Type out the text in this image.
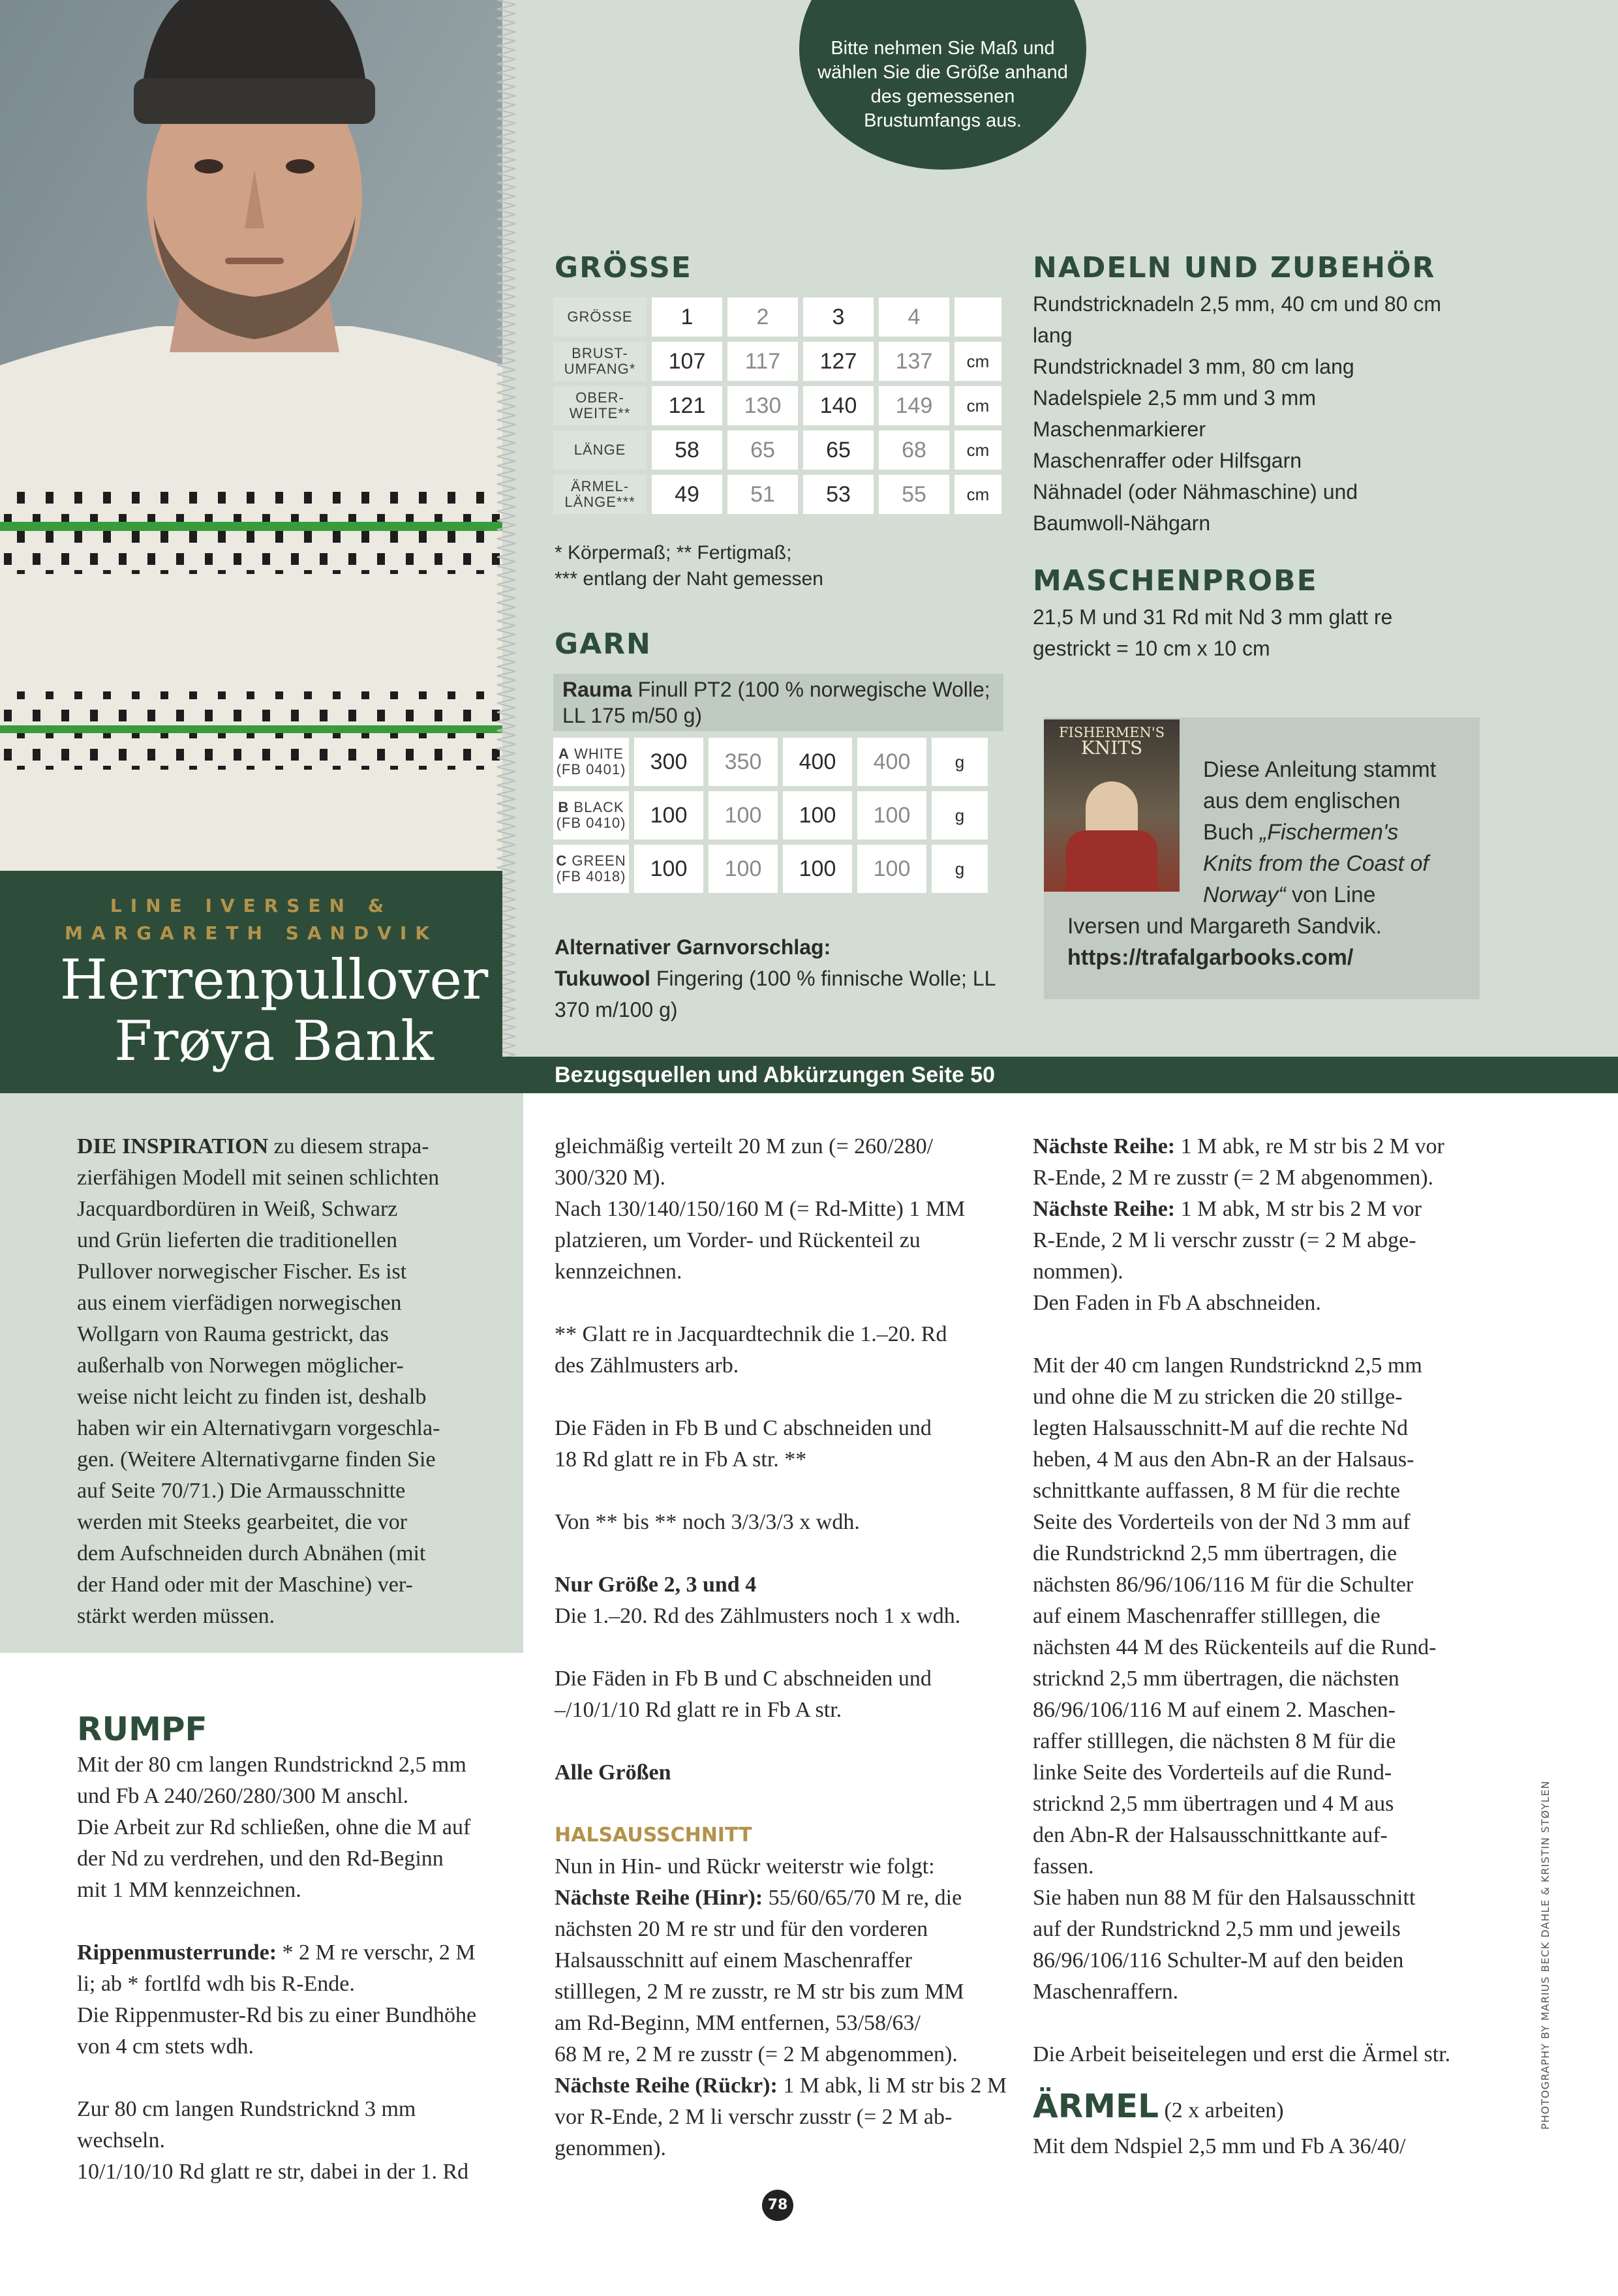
LINE IVERSEN &
MARGARETH SANDVIK
Herrenpullover
Frøya Bank
Bitte nehmen Sie Maß und wählen Sie die Größe anhand des gemessenen Brustumfangs aus.
GRÖSSE
GRÖSSE	1	2	3	4	
BRUST-
UMFANG*	107	117	127	137	cm
OBER-
WEITE**	121	130	140	149	cm
LÄNGE	58	65	65	68	cm
ÄRMEL-
LÄNGE***	49	51	53	55	cm
* Körpermaß; ** Fertigmaß;
*** entlang der Naht gemessen
GARN
Rauma Finull PT2 (100 % norwegische Wolle; LL 175 m/50 g)
A WHITE
(FB 0401)	300	350	400	400	g
B BLACK
(FB 0410)	100	100	100	100	g
C GREEN
(FB 4018)	100	100	100	100	g
Alternativer Garnvorschlag:
Tukuwool Fingering (100 % finnische Wolle; LL 370 m/100 g)
NADELN UND ZUBEHÖR
Rundstricknadeln 2,5 mm, 40 cm und 80 cm
lang
Rundstricknadel 3 mm, 80 cm lang
Nadelspiele 2,5 mm und 3 mm
Maschenmarkierer
Maschenraffer oder Hilfsgarn
Nähnadel (oder Nähmaschine) und
Baumwoll-Nähgarn
MASCHENPROBE
21,5 M und 31 Rd mit Nd 3 mm glatt re
gestrickt = 10 cm x 10 cm
FISHERMEN'S
KNITS
Diese Anleitung stammt
aus dem englischen
Buch „Fischermen's
Knits from the Coast of
Norway“ von Line
Iversen und Margareth Sandvik.
https://trafalgarbooks.com/
Bezugsquellen und Abkürzungen Seite 50

DIE INSPIRATION zu diesem strapa-

zierfähigen Modell mit seinen schlichten

Jacquardbordüren in Weiß, Schwarz

und Grün lieferten die traditionellen

Pullover norwegischer Fischer. Es ist

aus einem vierfädigen norwegischen

Wollgarn von Rauma gestrickt, das

außerhalb von Norwegen möglicher-

weise nicht leicht zu finden ist, deshalb

haben wir ein Alternativgarn vorgeschla-

gen. (Weitere Alternativgarne finden Sie

auf Seite 70/71.) Die Armausschnitte

werden mit Steeks gearbeitet, die vor

dem Aufschneiden durch Abnähen (mit

der Hand oder mit der Maschine) ver-

stärkt werden müssen.

RUMPF

Mit der 80 cm langen Rundstricknd 2,5 mm

und Fb A 240/260/280/300 M anschl.

Die Arbeit zur Rd schließen, ohne die M auf

der Nd zu verdrehen, und den Rd-Beginn

mit 1 MM kennzeichnen.

Rippenmusterrunde: * 2 M re verschr, 2 M

li; ab * fortlfd wdh bis R-Ende.

Die Rippenmuster-Rd bis zu einer Bundhöhe

von 4 cm stets wdh.

Zur 80 cm langen Rundstricknd 3 mm

wechseln.

10/1/10/10 Rd glatt re str, dabei in der 1. Rd

gleichmäßig verteilt 20 M zun (= 260/280/

300/320 M).

Nach 130/140/150/160 M (= Rd-Mitte) 1 MM

platzieren, um Vorder- und Rückenteil zu

kennzeichnen.

** Glatt re in Jacquardtechnik die 1.–20. Rd

des Zählmusters arb.

Die Fäden in Fb B und C abschneiden und

18 Rd glatt re in Fb A str. **

Von ** bis ** noch 3/3/3/3 x wdh.

Nur Größe 2, 3 und 4

Die 1.–20. Rd des Zählmusters noch 1 x wdh.

Die Fäden in Fb B und C abschneiden und

–/10/1/10 Rd glatt re in Fb A str.

Alle Größen

HALSAUSSCHNITT

Nun in Hin- und Rückr weiterstr wie folgt:

Nächste Reihe (Hinr): 55/60/65/70 M re, die

nächsten 20 M re str und für den vorderen

Halsausschnitt auf einem Maschenraffer

stilllegen, 2 M re zusstr, re M str bis zum MM

am Rd-Beginn, MM entfernen, 53/58/63/

68 M re, 2 M re zusstr (= 2 M abgenommen).

Nächste Reihe (Rückr): 1 M abk, li M str bis 2 M

vor R-Ende, 2 M li verschr zusstr (= 2 M ab-

genommen).

Nächste Reihe: 1 M abk, re M str bis 2 M vor

R-Ende, 2 M re zusstr (= 2 M abgenommen).

Nächste Reihe: 1 M abk, M str bis 2 M vor

R-Ende, 2 M li verschr zusstr (= 2 M abge-

nommen).

Den Faden in Fb A abschneiden.

Mit der 40 cm langen Rundstricknd 2,5 mm

und ohne die M zu stricken die 20 stillge-

legten Halsausschnitt-M auf die rechte Nd

heben, 4 M aus den Abn-R an der Halsaus-

schnittkante auffassen, 8 M für die rechte

Seite des Vorderteils von der Nd 3 mm auf

die Rundstricknd 2,5 mm übertragen, die

nächsten 86/96/106/116 M für die Schulter

auf einem Maschenraffer stilllegen, die

nächsten 44 M des Rückenteils auf die Rund-

stricknd 2,5 mm übertragen, die nächsten

86/96/106/116 M auf einem 2. Maschen-

raffer stilllegen, die nächsten 8 M für die

linke Seite des Vorderteils auf die Rund-

stricknd 2,5 mm übertragen und 4 M aus

den Abn-R der Halsausschnittkante auf-

fassen.

Sie haben nun 88 M für den Halsausschnitt

auf der Rundstricknd 2,5 mm und jeweils

86/96/106/116 Schulter-M auf den beiden

Maschenraffern.

Die Arbeit beiseitelegen und erst die Ärmel str.

ÄRMEL (2 x arbeiten)

Mit dem Ndspiel 2,5 mm und Fb A 36/40/

PHOTOGRAPHY BY MARIUS BECK DAHLE & KRISTIN STØYLEN
78
